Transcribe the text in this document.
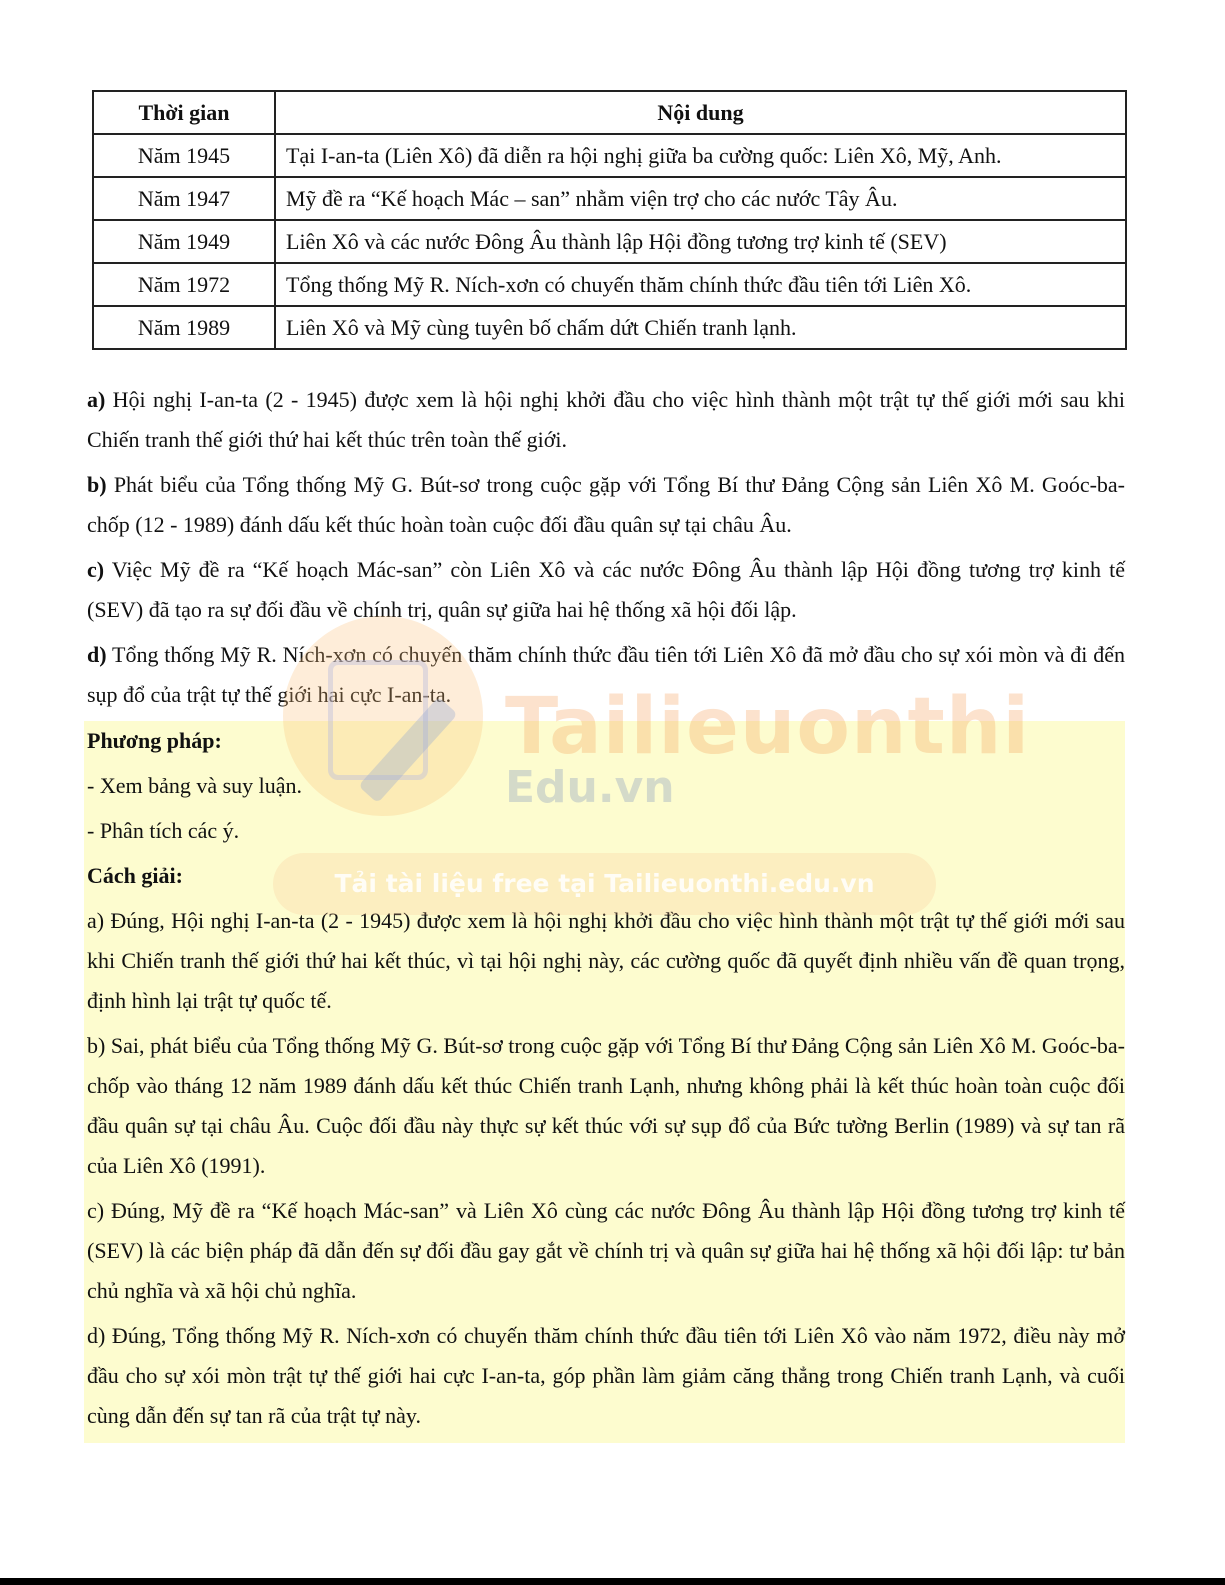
Thời gian	Nội dung
Năm 1945	Tại I-an-ta (Liên Xô) đã diễn ra hội nghị giữa ba cường quốc: Liên Xô, Mỹ, Anh.
Năm 1947	Mỹ đề ra “Kế hoạch Mác – san” nhằm viện trợ cho các nước Tây Âu.
Năm 1949	Liên Xô và các nước Đông Âu thành lập Hội đồng tương trợ kinh tế (SEV)
Năm 1972	Tổng thống Mỹ R. Ních-xơn có chuyến thăm chính thức đầu tiên tới Liên Xô.
Năm 1989	Liên Xô và Mỹ cùng tuyên bố chấm dứt Chiến tranh lạnh.

a) Hội nghị I-an-ta (2 - 1945) được xem là hội nghị khởi đầu cho việc hình thành một trật tự thế giới mới sau khi Chiến tranh thế giới thứ hai kết thúc trên toàn thế giới.

b) Phát biểu của Tổng thống Mỹ G. Bút-sơ trong cuộc gặp với Tổng Bí thư Đảng Cộng sản Liên Xô M. Goóc-ba-chốp (12 - 1989) đánh dấu kết thúc hoàn toàn cuộc đối đầu quân sự tại châu Âu.

c) Việc Mỹ đề ra “Kế hoạch Mác-san” còn Liên Xô và các nước Đông Âu thành lập Hội đồng tương trợ kinh tế (SEV) đã tạo ra sự đối đầu về chính trị, quân sự giữa hai hệ thống xã hội đối lập.

d) Tổng thống Mỹ R. Ních-xơn có chuyến thăm chính thức đầu tiên tới Liên Xô đã mở đầu cho sự xói mòn và đi đến sụp đổ của trật tự thế giới hai cực I-an-ta.

Phương pháp:

- Xem bảng và suy luận.

- Phân tích các ý.

Cách giải:

a) Đúng, Hội nghị I-an-ta (2 - 1945) được xem là hội nghị khởi đầu cho việc hình thành một trật tự thế giới mới sau khi Chiến tranh thế giới thứ hai kết thúc, vì tại hội nghị này, các cường quốc đã quyết định nhiều vấn đề quan trọng, định hình lại trật tự quốc tế.

b) Sai, phát biểu của Tổng thống Mỹ G. Bút-sơ trong cuộc gặp với Tổng Bí thư Đảng Cộng sản Liên Xô M. Goóc-ba-chốp vào tháng 12 năm 1989 đánh dấu kết thúc Chiến tranh Lạnh, nhưng không phải là kết thúc hoàn toàn cuộc đối đầu quân sự tại châu Âu. Cuộc đối đầu này thực sự kết thúc với sự sụp đổ của Bức tường Berlin (1989) và sự tan rã của Liên Xô (1991).

c) Đúng, Mỹ đề ra “Kế hoạch Mác-san” và Liên Xô cùng các nước Đông Âu thành lập Hội đồng tương trợ kinh tế (SEV) là các biện pháp đã dẫn đến sự đối đầu gay gắt về chính trị và quân sự giữa hai hệ thống xã hội đối lập: tư bản chủ nghĩa và xã hội chủ nghĩa.

d) Đúng, Tổng thống Mỹ R. Ních-xơn có chuyến thăm chính thức đầu tiên tới Liên Xô vào năm 1972, điều này mở đầu cho sự xói mòn trật tự thế giới hai cực I-an-ta, góp phần làm giảm căng thẳng trong Chiến tranh Lạnh, và cuối cùng dẫn đến sự tan rã của trật tự này.

Tailieuonthi
Edu.vn
Tải tài liệu free tại Tailieuonthi.edu.vn
